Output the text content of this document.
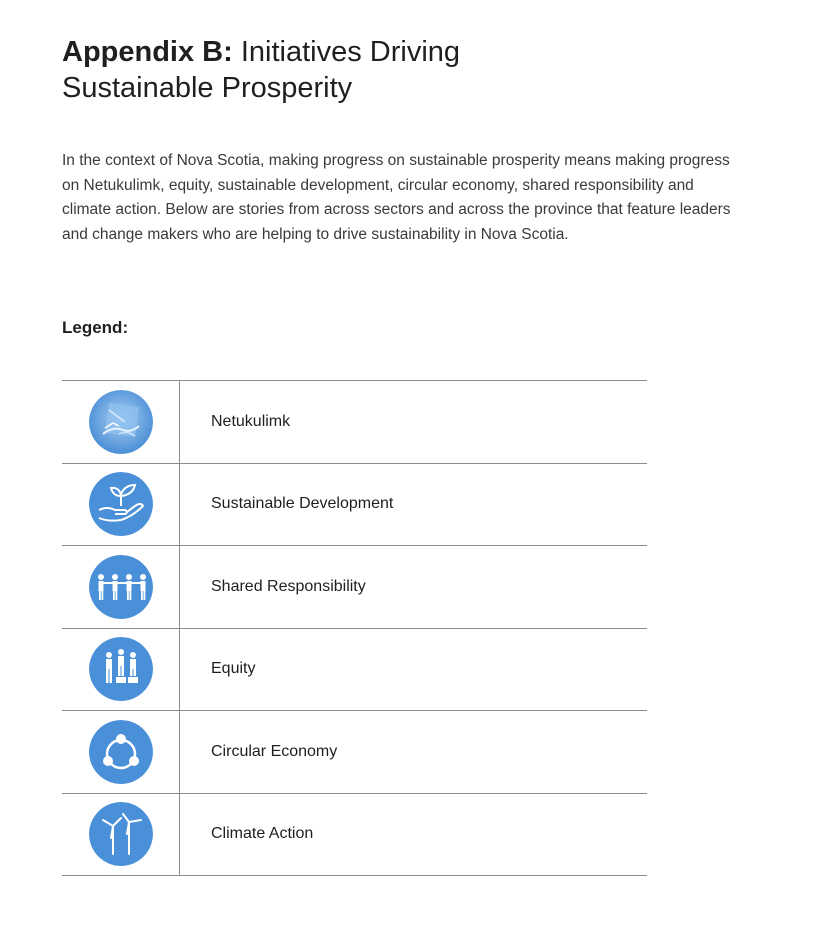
Appendix B: Initiatives Driving
Sustainable Prosperity

In the context of Nova Scotia, making progress on sustainable prosperity means making progress on Netukulimk, equity, sustainable development, circular economy, shared responsibility and climate action. Below are stories from across sectors and across the province that feature leaders and change makers who are helping to drive sustainability in Nova Scotia.

Legend:

Netukulimk
Sustainable Development
Shared Responsibility
Equity
Circular Economy
Climate Action
